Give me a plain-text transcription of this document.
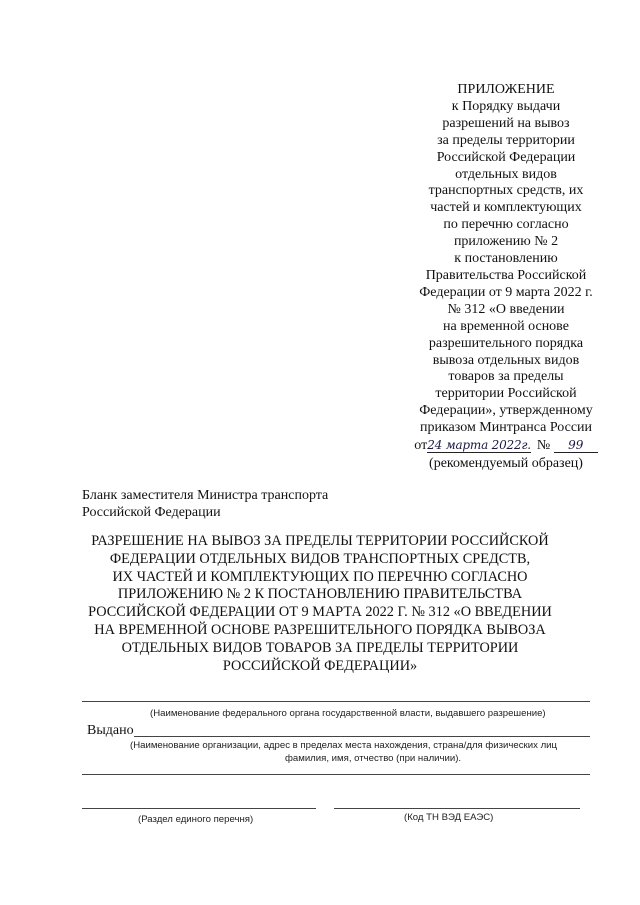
ПРИЛОЖЕНИЕ
к Порядку выдачи
разрешений на вывоз
за пределы территории
Российской Федерации
отдельных видов
транспортных средств, их
частей и комплектующих
по перечню согласно
приложению № 2
к постановлению
Правительства Российской
Федерации от 9 марта 2022 г.
№ 312 «О введении
на временной основе
разрешительного порядка
вывоза отдельных видов
товаров за пределы
территории Российской
Федерации», утвержденному
приказом Минтранса России
от24 марта 2022г. № 99
(рекомендуемый образец)
Бланк заместителя Министра транспорта
Российской Федерации
РАЗРЕШЕНИЕ НА ВЫВОЗ ЗА ПРЕДЕЛЫ ТЕРРИТОРИИ РОССИЙСКОЙ
ФЕДЕРАЦИИ ОТДЕЛЬНЫХ ВИДОВ ТРАНСПОРТНЫХ СРЕДСТВ,
ИХ ЧАСТЕЙ И КОМПЛЕКТУЮЩИХ ПО ПЕРЕЧНЮ СОГЛАСНО
ПРИЛОЖЕНИЮ № 2 К ПОСТАНОВЛЕНИЮ ПРАВИТЕЛЬСТВА
РОССИЙСКОЙ ФЕДЕРАЦИИ ОТ 9 МАРТА 2022 Г. № 312 «О ВВЕДЕНИИ
НА ВРЕМЕННОЙ ОСНОВЕ РАЗРЕШИТЕЛЬНОГО ПОРЯДКА ВЫВОЗА
ОТДЕЛЬНЫХ ВИДОВ ТОВАРОВ ЗА ПРЕДЕЛЫ ТЕРРИТОРИИ
РОССИЙСКОЙ ФЕДЕРАЦИИ»
(Наименование федерального органа государственной власти, выдавшего разрешение)
Выдано
(Наименование организации, адрес в пределах места нахождения, страна/для физических лиц
фамилия, имя, отчество (при наличии).
(Раздел единого перечня)	(Код ТН ВЭД ЕАЭС)
